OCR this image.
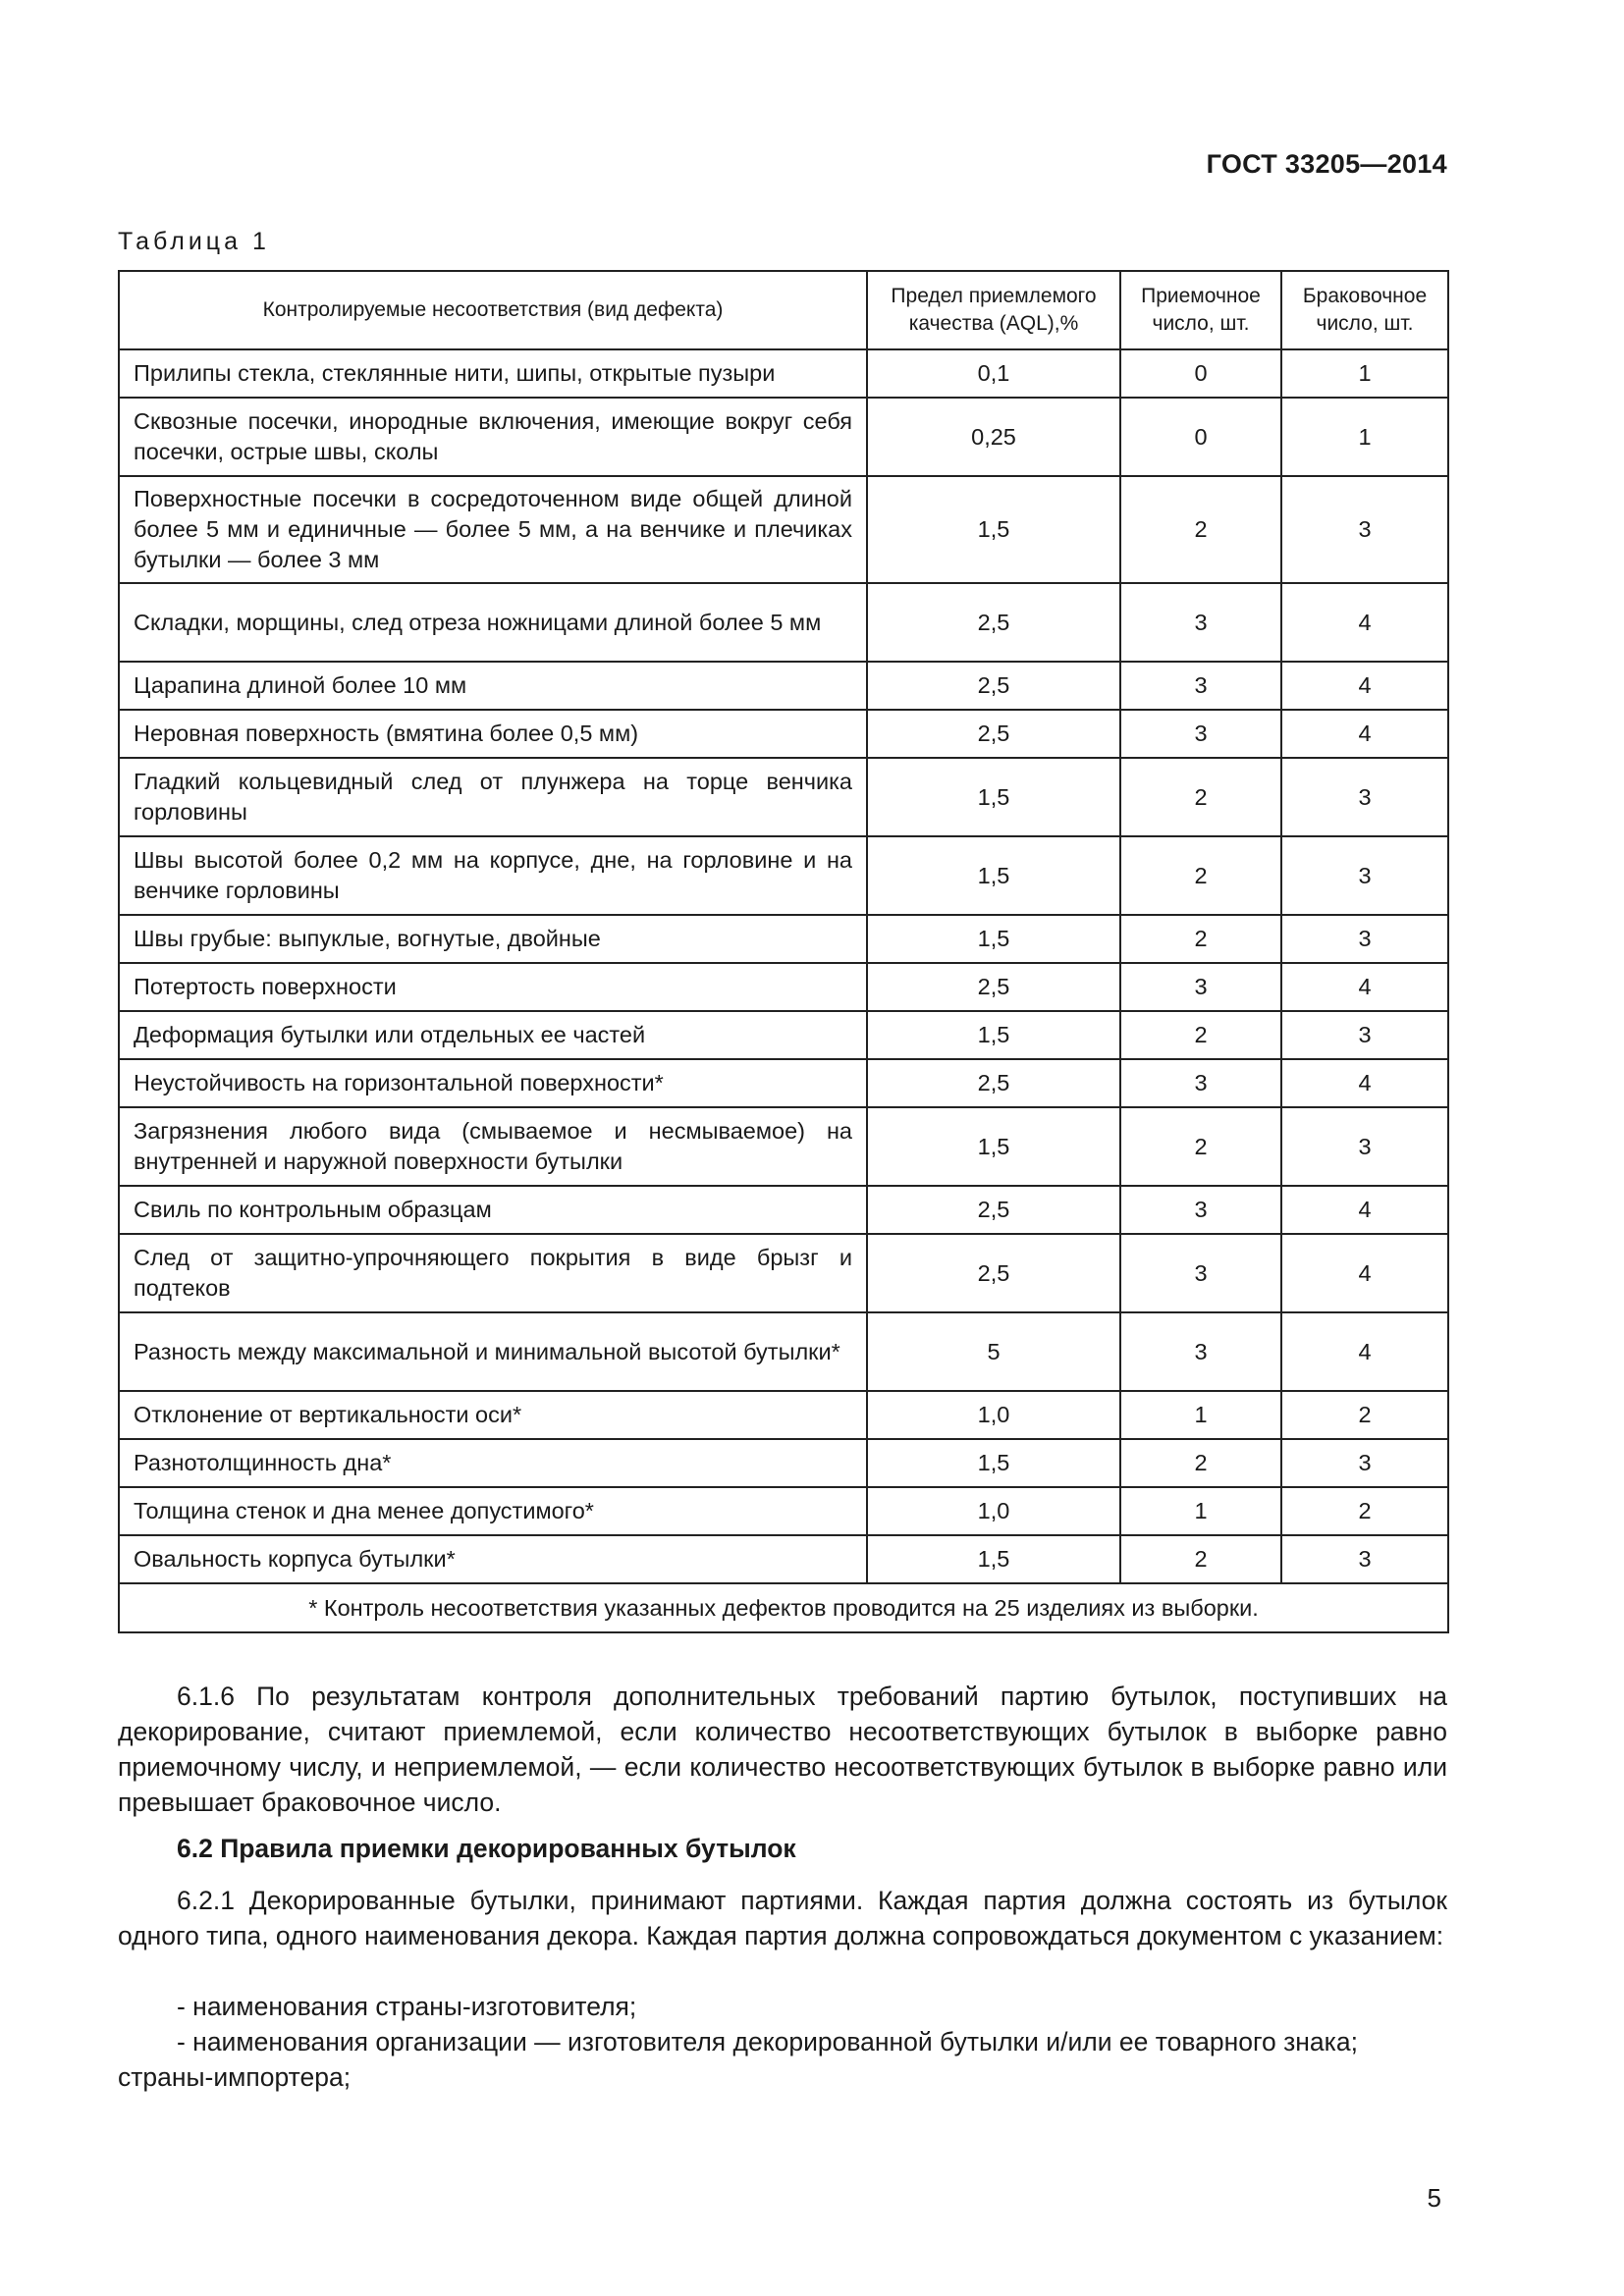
ГОСТ 33205—2014
Таблица 1
Контролируемые несоответствия (вид дефекта)	Предел приемлемого качества (AQL),%	Приемочное число, шт.	Браковочное число, шт.
Прилипы стекла, стеклянные нити, шипы, открытые пузыри	0,1	0	1
Сквозные посечки, инородные включения, имеющие вокруг себя посечки, острые швы, сколы	0,25	0	1
Поверхностные посечки в сосредоточенном виде общей длиной более 5 мм и единичные — более 5 мм, а на венчике и плечиках бутылки — более 3 мм	1,5	2	3
Складки, морщины, след отреза ножницами длиной более 5 мм	2,5	3	4
Царапина длиной более 10 мм	2,5	3	4
Неровная поверхность (вмятина более 0,5 мм)	2,5	3	4
Гладкий кольцевидный след от плунжера на торце венчика горловины	1,5	2	3
Швы высотой более 0,2 мм на корпусе, дне, на горловине и на венчике горловины	1,5	2	3
Швы грубые: выпуклые, вогнутые, двойные	1,5	2	3
Потертость поверхности	2,5	3	4
Деформация бутылки или отдельных ее частей	1,5	2	3
Неустойчивость на горизонтальной поверхности*	2,5	3	4
Загрязнения любого вида (смываемое и несмываемое) на внутренней и наружной поверхности бутылки	1,5	2	3
Свиль по контрольным образцам	2,5	3	4
След от защитно-упрочняющего покрытия в виде брызг и подтеков	2,5	3	4
Разность между максимальной и минимальной высотой бутылки*	5	3	4
Отклонение от вертикальности оси*	1,0	1	2
Разнотолщинность дна*	1,5	2	3
Толщина стенок и дна менее допустимого*	1,0	1	2
Овальность корпуса бутылки*	1,5	2	3
* Контроль несоответствия указанных дефектов проводится на 25 изделиях из выборки.			
6.1.6 По результатам контроля дополнительных требований партию бутылок, поступивших на декорирование, считают приемлемой, если количество несоответствующих бутылок в выборке равно приемочному числу, и неприемлемой, — если количество несоответствующих бутылок в выборке равно или превышает браковочное число.
6.2 Правила приемки декорированных бутылок
6.2.1 Декорированные бутылки, принимают партиями. Каждая партия должна состоять из бутылок одного типа, одного наименования декора. Каждая партия должна сопровождаться документом с указанием:
- наименования страны-изготовителя;
- наименования организации — изготовителя декорированной бутылки и/или ее товарного знака;
страны-импортера;
5
